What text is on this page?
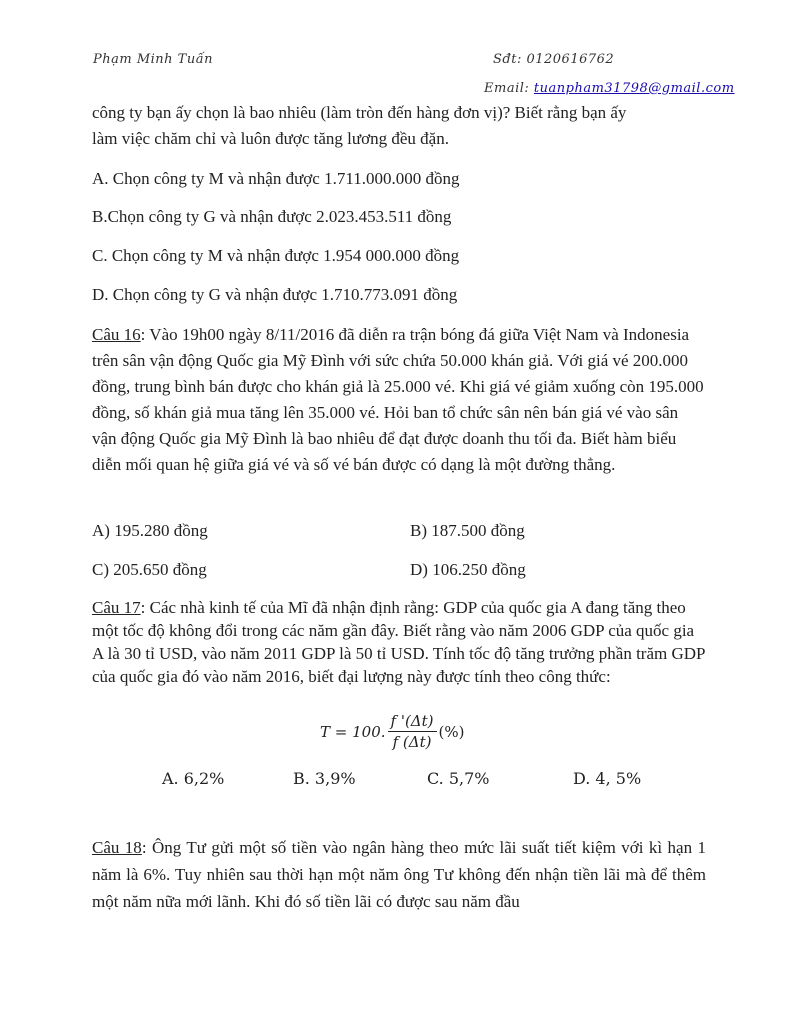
Phạm Minh Tuấn	Sđt: 0120616762
Email: tuanpham31798@gmail.com
công ty bạn ấy chọn là bao nhiêu (làm tròn đến hàng đơn vị)? Biết rằng bạn ấy
làm việc chăm chỉ và luôn được tăng lương đều đặn.
A. Chọn công ty M và nhận được 1.711.000.000 đồng
B.Chọn công ty G và nhận được 2.023.453.511 đồng
C. Chọn công ty M và nhận được 1.954 000.000 đồng
D. Chọn công ty G và nhận được 1.710.773.091 đồng
Câu 16: Vào 19h00 ngày 8/11/2016 đã diễn ra trận bóng đá giữa Việt Nam và Indonesia trên sân vận động Quốc gia Mỹ Đình với sức chứa 50.000 khán giả. Với giá vé 200.000 đồng, trung bình bán được cho khán giả là 25.000 vé. Khi giá vé giảm xuống còn 195.000 đồng, số khán giả mua tăng lên 35.000 vé. Hỏi ban tổ chức sân nên bán giá vé vào sân vận động Quốc gia Mỹ Đình là bao nhiêu để đạt được doanh thu tối đa. Biết hàm biểu diễn mối quan hệ giữa giá vé và số vé bán được có dạng là một đường thẳng.
A) 195.280 đồng	B) 187.500 đồng
C) 205.650 đồng	D) 106.250 đồng
Câu 17: Các nhà kinh tế của Mĩ đã nhận định rằng: GDP của quốc gia A đang tăng theo một tốc độ không đổi trong các năm gần đây. Biết rằng vào năm 2006 GDP của quốc gia A là 30 tỉ USD, vào năm 2011 GDP là 50 tỉ USD. Tính tốc độ tăng trưởng phần trăm GDP của quốc gia đó vào năm 2016, biết đại lượng này được tính theo công thức:
T = 100. $\frac{f '(\Delta t)}{f (\Delta t)}$ (%)
A. 6,2%	B. 3,9%	C. 5,7%	D. 4, 5%
Câu 18: Ông Tư gửi một số tiền vào ngân hàng theo mức lãi suất tiết kiệm với kì hạn 1 năm là 6%. Tuy nhiên sau thời hạn một năm ông Tư không đến nhận tiền lãi mà để thêm một năm nữa mới lãnh. Khi đó số tiền lãi có được sau năm đầu
